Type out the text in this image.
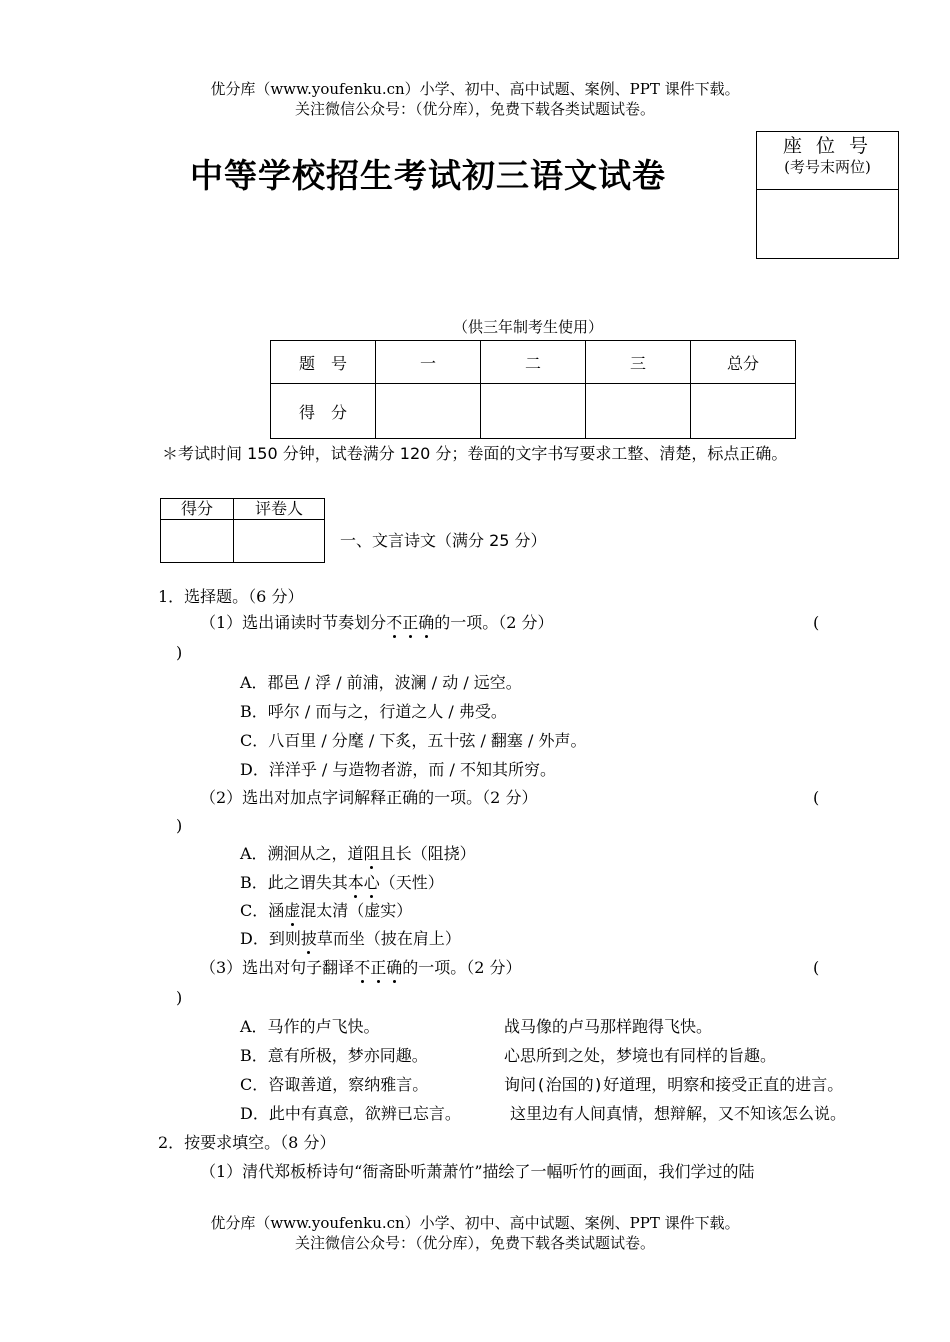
优分库（www.youfenku.cn）小学、初中、高中试题、案例、PPT 课件下载。
关注微信公众号：（优分库），免费下载各类试题试卷。
中等学校招生考试初三语文试卷
座 位 号
(考号末两位)
（供三年制考生使用）
题　号	一	二	三	总分
得　分				
＊考试时间 150 分钟，试卷满分 120 分；卷面的文字书写要求工整、清楚，标点正确。
得分	评卷人

一、文言诗文（满分 25 分）
1．选择题。（6 分）
（1）选出诵读时节奏划分不正确的一项。（2 分）	(
)
A．郡邑 / 浮 / 前浦，波澜 / 动 / 远空。
B．呼尔 / 而与之，行道之人 / 弗受。
C．八百里 / 分麾 / 下炙，五十弦 / 翻塞 / 外声。
D．洋洋乎 / 与造物者游，而 / 不知其所穷。
（2）选出对加点字词解释正确的一项。（2 分）	(
)
A．溯洄从之，道阻且长（阻挠）
B．此之谓失其本心（天性）
C．涵虚混太清（虚实）
D．到则披草而坐（披在肩上）
（3）选出对句子翻译不正确的一项。（2 分）	(
)
A．马作的卢飞快。	战马像的卢马那样跑得飞快。
B．意有所极，梦亦同趣。	心思所到之处，梦境也有同样的旨趣。
C．咨诹善道，察纳雅言。	询问(治国的)好道理，明察和接受正直的进言。
D．此中有真意，欲辨已忘言。	这里边有人间真情，想辩解，又不知该怎么说。
2．按要求填空。（8 分）
（1）清代郑板桥诗句“衙斋卧听萧萧竹”描绘了一幅听竹的画面，我们学过的陆
优分库（www.youfenku.cn）小学、初中、高中试题、案例、PPT 课件下载。
关注微信公众号：（优分库），免费下载各类试题试卷。
